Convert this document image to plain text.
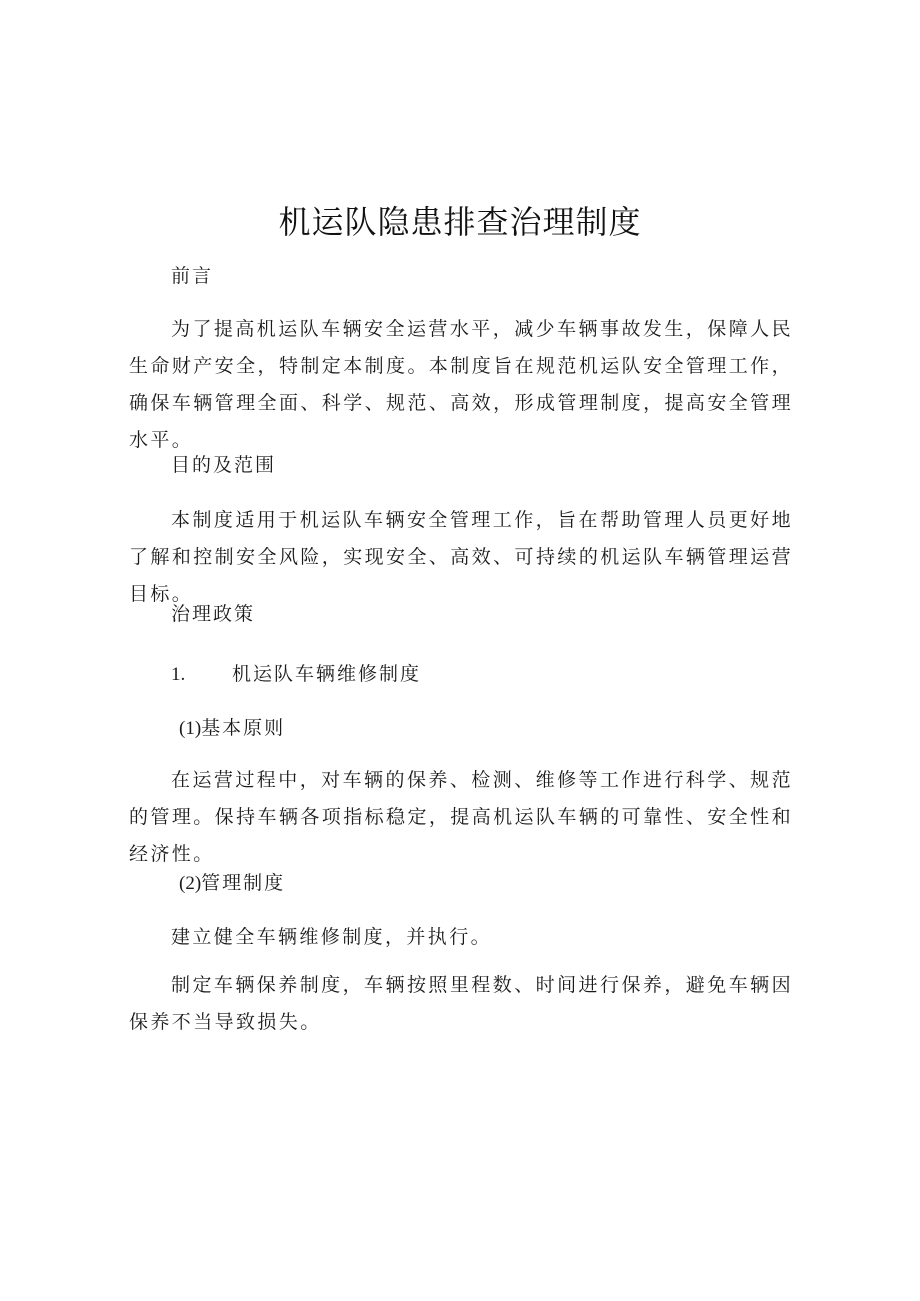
机运队隐患排查治理制度

前言

为了提高机运队车辆安全运营水平，减少车辆事故发生，保障人民生命财产安全，特制定本制度。本制度旨在规范机运队安全管理工作，确保车辆管理全面、科学、规范、高效，形成管理制度，提高安全管理水平。

目的及范围

本制度适用于机运队车辆安全管理工作，旨在帮助管理人员更好地了解和控制安全风险，实现安全、高效、可持续的机运队车辆管理运营目标。

治理政策

1. 机运队车辆维修制度
(1)基本原则

在运营过程中，对车辆的保养、检测、维修等工作进行科学、规范的管理。保持车辆各项指标稳定，提高机运队车辆的可靠性、安全性和经济性。

(2)管理制度

建立健全车辆维修制度，并执行。

制定车辆保养制度，车辆按照里程数、时间进行保养，避免车辆因保养不当导致损失。
